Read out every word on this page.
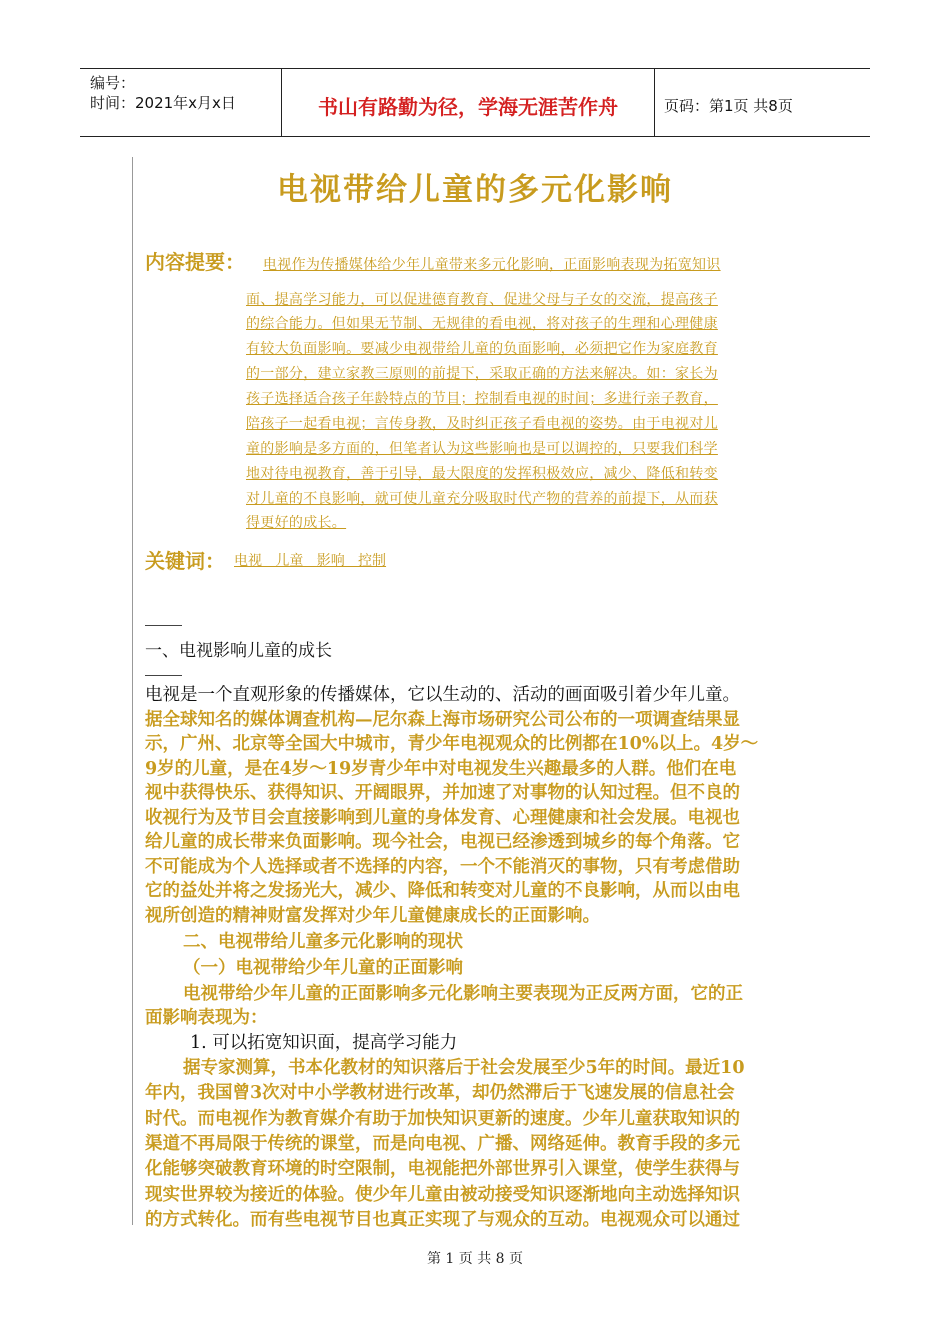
编号：
时间：2021年x月x日	书山有路勤为径，学海无涯苦作舟	页码：第1页 共8页
电视带给儿童的多元化影响
内容提要： 电视作为传播媒体给少年儿童带来多元化影响，正面影响表现为拓宽知识
面、提高学习能力，可以促进德育教育、促进父母与子女的交流，提高孩子
的综合能力。但如果无节制、无规律的看电视，将对孩子的生理和心理健康
有较大负面影响。要减少电视带给儿童的负面影响，必须把它作为家庭教育
的一部分，建立家教三原则的前提下，采取正确的方法来解决。如：家长为
孩子选择适合孩子年龄特点的节目；控制看电视的时间；多进行亲子教育，
陪孩子一起看电视；言传身教，及时纠正孩子看电视的姿势。由于电视对儿
童的影响是多方面的，但笔者认为这些影响也是可以调控的，只要我们科学
地对待电视教育，善于引导，最大限度的发挥积极效应，减少、降低和转变
对儿童的不良影响，就可使儿童充分吸取时代产物的营养的前提下，从而获
得更好的成长。
关键词： 电视   儿童   影响   控制
一、电视影响儿童的成长
电视是一个直观形象的传播媒体，它以生动的、活动的画面吸引着少年儿童。
据全球知名的媒体调查机构—尼尔森上海市场研究公司公布的一项调查结果显
示，广州、北京等全国大中城市，青少年电视观众的比例都在10%以上。4岁～
9岁的儿童，是在4岁～19岁青少年中对电视发生兴趣最多的人群。他们在电
视中获得快乐、获得知识、开阔眼界，并加速了对事物的认知过程。但不良的
收视行为及节目会直接影响到儿童的身体发育、心理健康和社会发展。电视也
给儿童的成长带来负面影响。现今社会，电视已经渗透到城乡的每个角落。它
不可能成为个人选择或者不选择的内容，一个不能消灭的事物，只有考虑借助
它的益处并将之发扬光大，减少、降低和转变对儿童的不良影响，从而以由电
视所创造的精神财富发挥对少年儿童健康成长的正面影响。
二、电视带给儿童多元化影响的现状
（一）电视带给少年儿童的正面影响
电视带给少年儿童的正面影响多元化影响主要表现为正反两方面，它的正
面影响表现为：
1. 可以拓宽知识面，提高学习能力
据专家测算，书本化教材的知识落后于社会发展至少5年的时间。最近10
年内，我国曾3次对中小学教材进行改革，却仍然滞后于飞速发展的信息社会
时代。而电视作为教育媒介有助于加快知识更新的速度。少年儿童获取知识的
渠道不再局限于传统的课堂，而是向电视、广播、网络延伸。教育手段的多元
化能够突破教育环境的时空限制，电视能把外部世界引入课堂，使学生获得与
现实世界较为接近的体验。使少年儿童由被动接受知识逐渐地向主动选择知识
的方式转化。而有些电视节目也真正实现了与观众的互动。电视观众可以通过
第 1 页 共 8 页
